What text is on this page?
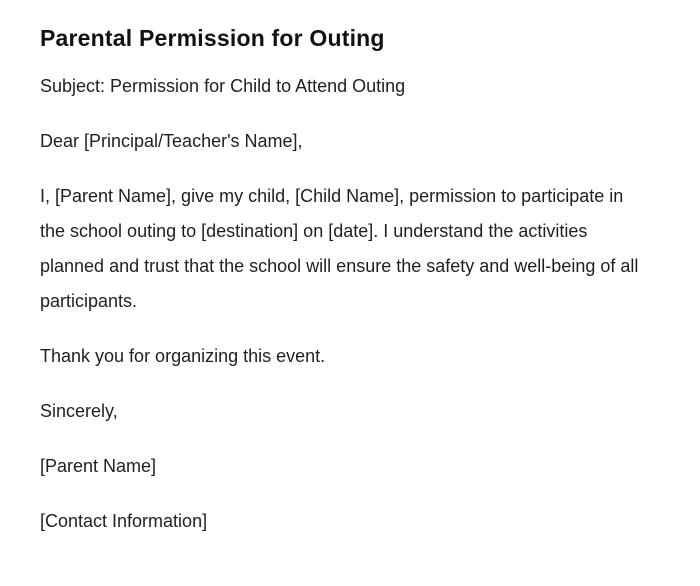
Parental Permission for Outing

Subject: Permission for Child to Attend Outing

Dear [Principal/Teacher's Name],

I, [Parent Name], give my child, [Child Name], permission to participate in the school outing to [destination] on [date]. I understand the activities planned and trust that the school will ensure the safety and well-being of all participants.

Thank you for organizing this event.

Sincerely,

[Parent Name]

[Contact Information]
